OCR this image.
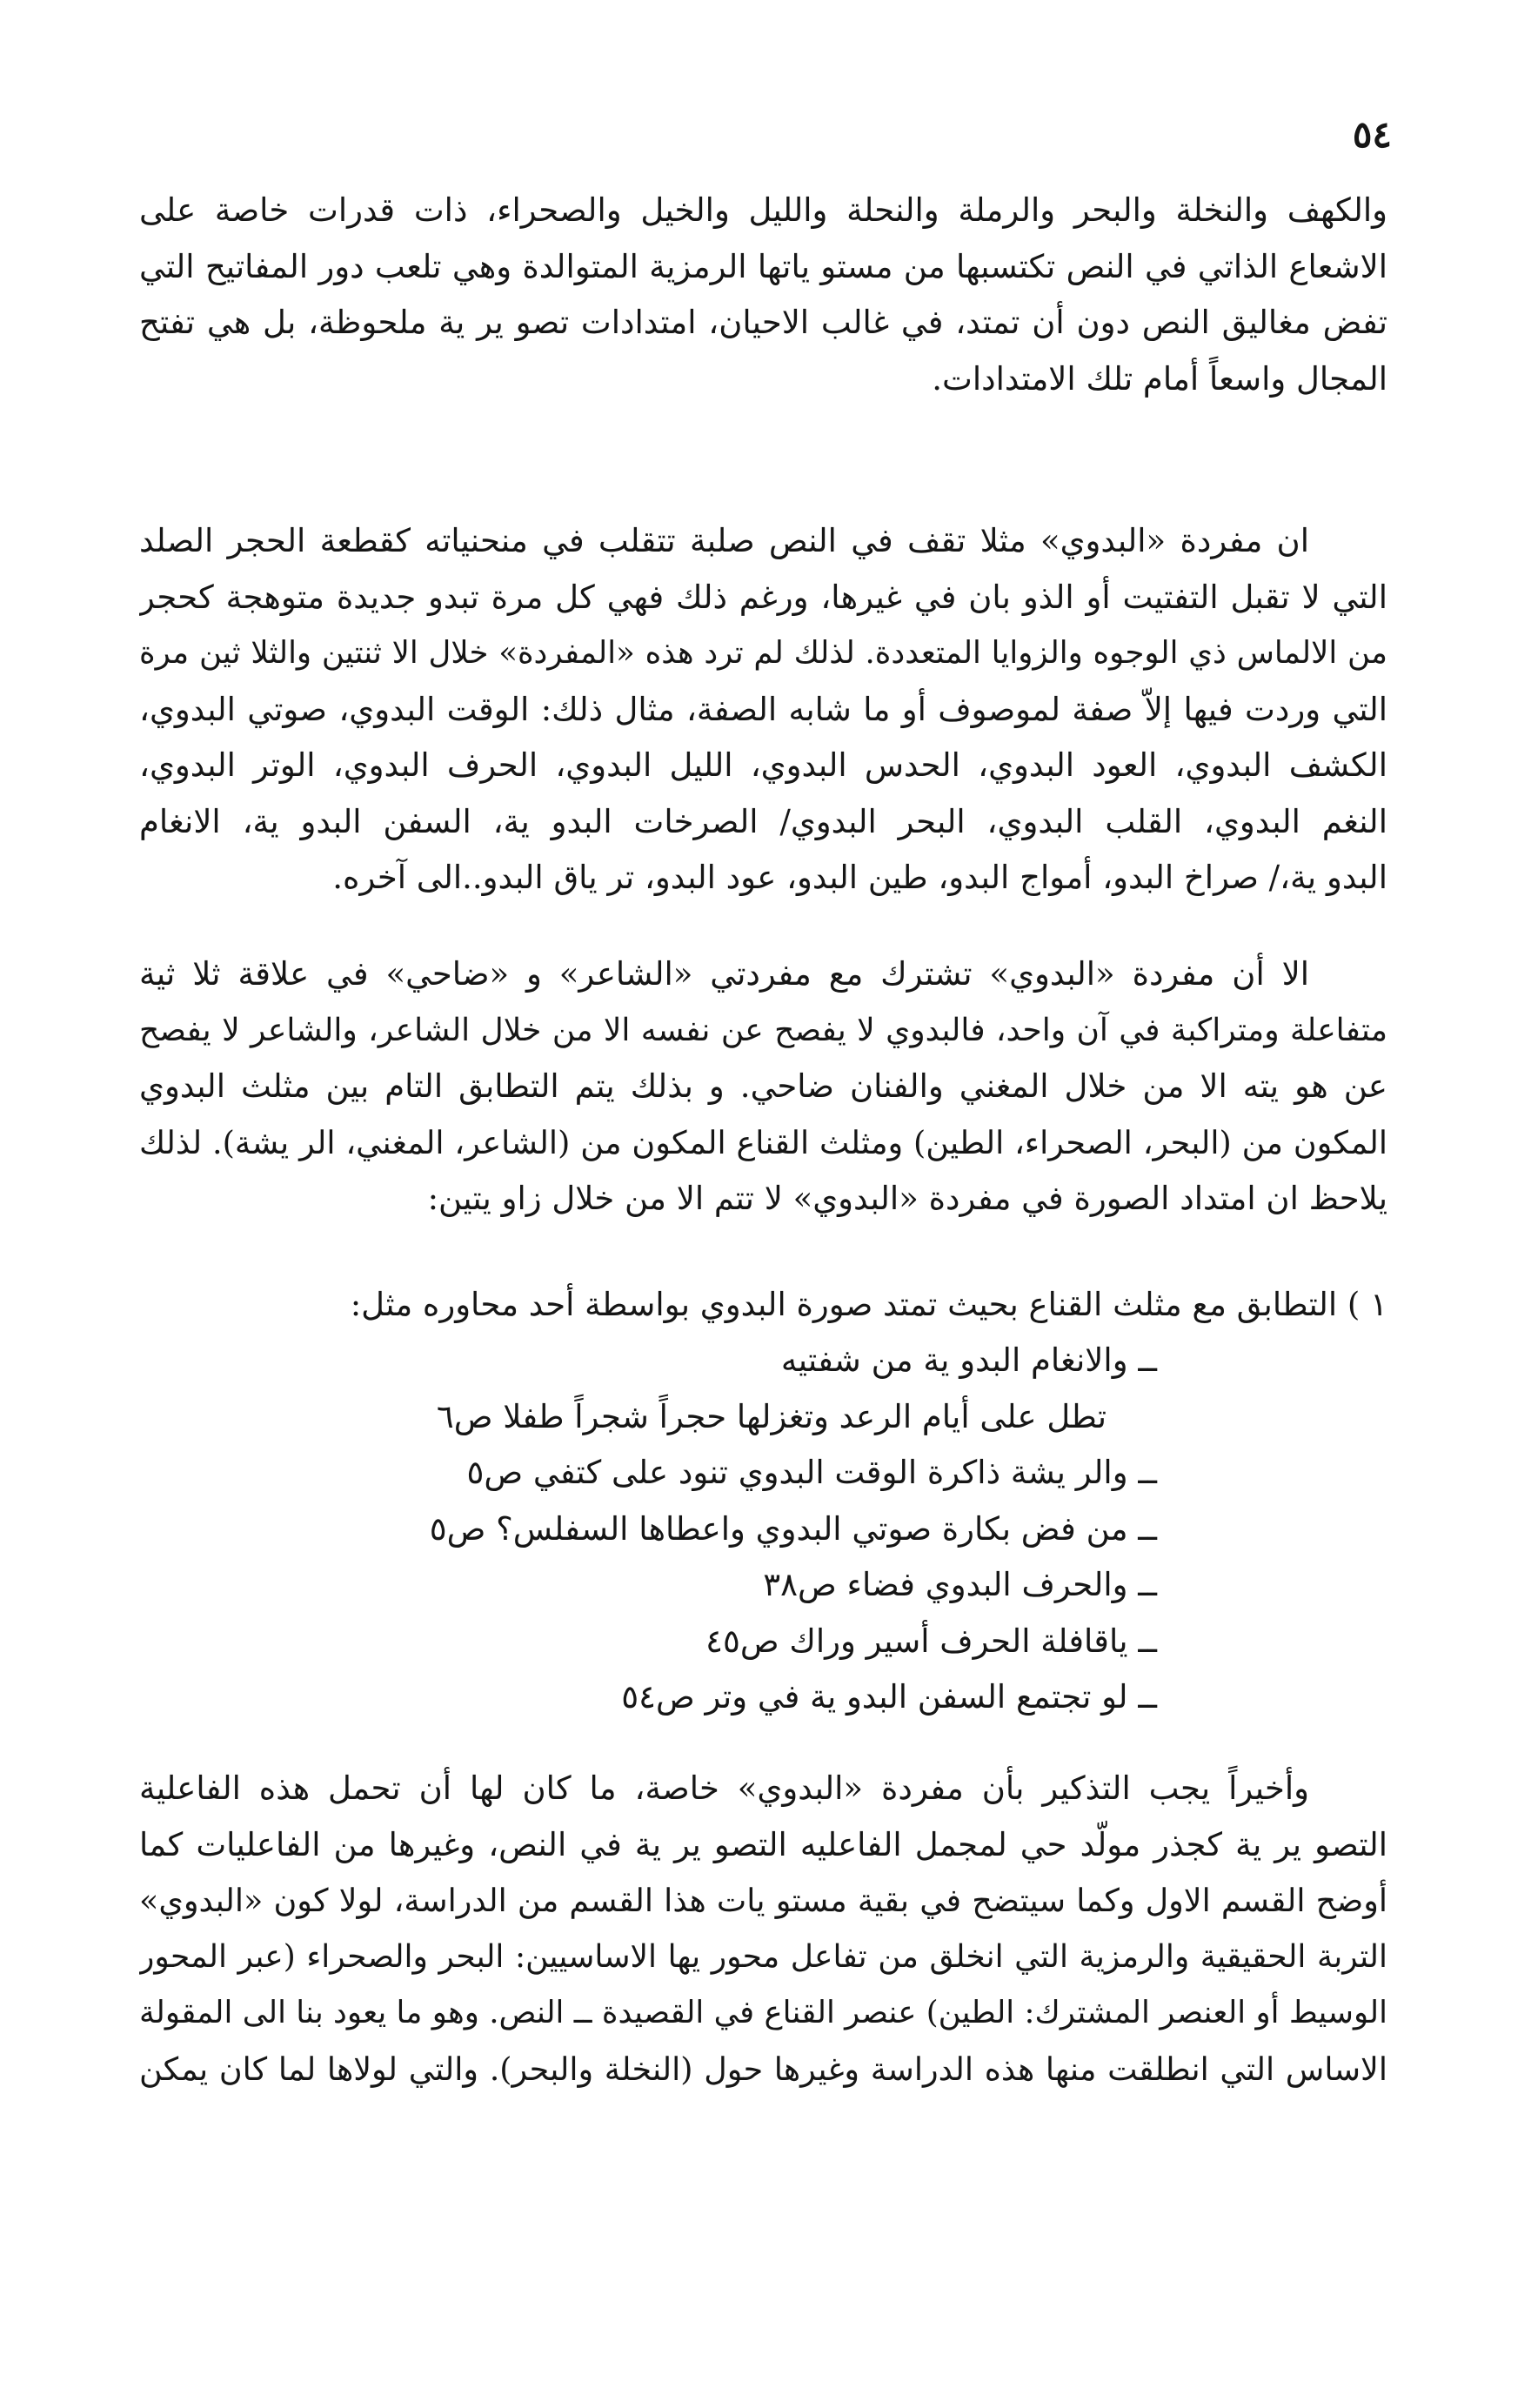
٥٤
والكهف والنخلة والبحر والرملة والنحلة والليل والخيل والصحراء، ذات قدرات خاصة على
الاشعاع الذاتي في النص تكتسبها من مستو ياتها الرمزية المتوالدة وهي تلعب دور المفاتيح التي
تفض مغاليق النص دون أن تمتد، في غالب الاحيان، امتدادات تصو ير ية ملحوظة، بل هي تفتح
المجال واسعاً أمام تلك الامتدادات.
ان مفردة «البدوي» مثلا تقف في النص صلبة تتقلب في منحنياته كقطعة الحجر الصلد
التي لا تقبل التفتيت أو الذو بان في غيرها، ورغم ذلك فهي كل مرة تبدو جديدة متوهجة كحجر
من الالماس ذي الوجوه والزوايا المتعددة. لذلك لم ترد هذه «المفردة» خلال الا ثنتين والثلا ثين مرة
التي وردت فيها إلاّ صفة لموصوف أو ما شابه الصفة، مثال ذلك: الوقت البدوي، صوتي البدوي،
الكشف البدوي، العود البدوي، الحدس البدوي، الليل البدوي، الحرف البدوي، الوتر البدوي،
النغم البدوي، القلب البدوي، البحر البدوي/ الصرخات البدو ية، السفن البدو ية، الانغام
البدو ية،/ صراخ البدو، أمواج البدو، طين البدو، عود البدو، تر ياق البدو..الى آخره.
الا أن مفردة «البدوي» تشترك مع مفردتي «الشاعر» و «ضاحي» في علاقة ثلا ثية
متفاعلة ومتراكبة في آن واحد، فالبدوي لا يفصح عن نفسه الا من خلال الشاعر، والشاعر لا يفصح
عن هو يته الا من خلال المغني والفنان ضاحي. و بذلك يتم التطابق التام بين مثلث البدوي
المكون من (البحر، الصحراء، الطين) ومثلث القناع المكون من (الشاعر، المغني، الر يشة). لذلك
يلاحظ ان امتداد الصورة في مفردة «البدوي» لا تتم الا من خلال زاو يتين:
١ ) التطابق مع مثلث القناع بحيث تمتد صورة البدوي بواسطة أحد محاوره مثل:
ــ والانغام البدو ية من شفتيه
تطل على أيام الرعد وتغزلها حجراً شجراً طفلا ص٦
ــ والر يشة ذاكرة الوقت البدوي تنود على كتفي ص٥
ــ من فض بكارة صوتي البدوي واعطاها السفلس؟ ص٥
ــ والحرف البدوي فضاء ص٣٨
ــ ياقافلة الحرف أسير وراك ص٤٥
ــ لو تجتمع السفن البدو ية في وتر ص٥٤
وأخيراً يجب التذكير بأن مفردة «البدوي» خاصة، ما كان لها أن تحمل هذه الفاعلية
التصو ير ية كجذر مولّد حي لمجمل الفاعليه التصو ير ية في النص، وغيرها من الفاعليات كما
أوضح القسم الاول وكما سيتضح في بقية مستو يات هذا القسم من الدراسة، لولا كون «البدوي»
التربة الحقيقية والرمزية التي انخلق من تفاعل محور يها الاساسيين: البحر والصحراء (عبر المحور
الوسيط أو العنصر المشترك: الطين) عنصر القناع في القصيدة ــ النص. وهو ما يعود بنا الى المقولة
الاساس التي انطلقت منها هذه الدراسة وغيرها حول (النخلة والبحر). والتي لولاها لما كان يمكن
